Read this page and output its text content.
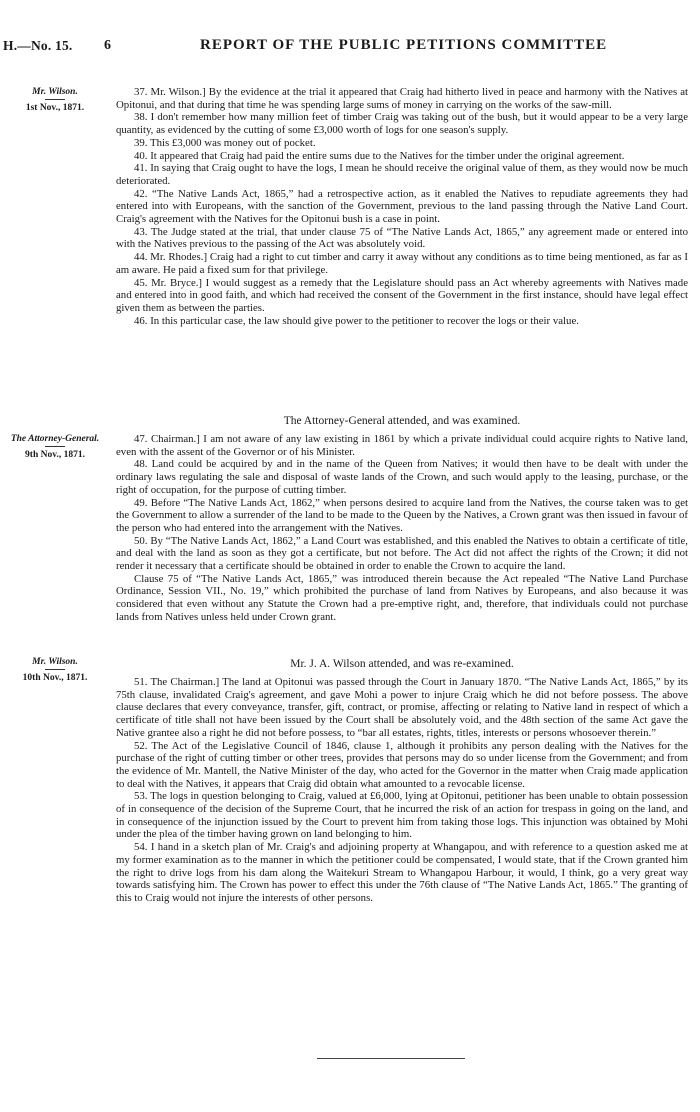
H.—No. 15. 6	REPORT OF THE PUBLIC PETITIONS COMMITTEE
Mr. Wilson.
1st Nov., 1871.
The Attorney-General.
9th Nov., 1871.
Mr. Wilson.
10th Nov., 1871.

37. Mr. Wilson.] By the evidence at the trial it appeared that Craig had hitherto lived in peace and harmony with the Natives at Opitonui, and that during that time he was spending large sums of money in carrying on the works of the saw-mill.

38. I don't remember how many million feet of timber Craig was taking out of the bush, but it would appear to be a very large quantity, as evidenced by the cutting of some £3,000 worth of logs for one season's supply.

39. This £3,000 was money out of pocket.

40. It appeared that Craig had paid the entire sums due to the Natives for the timber under the original agreement.

41. In saying that Craig ought to have the logs, I mean he should receive the original value of them, as they would now be much deteriorated.

42. “The Native Lands Act, 1865,” had a retrospective action, as it enabled the Natives to repudiate agreements they had entered into with Europeans, with the sanction of the Government, previous to the land passing through the Native Land Court. Craig's agreement with the Natives for the Opitonui bush is a case in point.

43. The Judge stated at the trial, that under clause 75 of “The Native Lands Act, 1865,” any agreement made or entered into with the Natives previous to the passing of the Act was absolutely void.

44. Mr. Rhodes.] Craig had a right to cut timber and carry it away without any conditions as to time being mentioned, as far as I am aware. He paid a fixed sum for that privilege.

45. Mr. Bryce.] I would suggest as a remedy that the Legislature should pass an Act whereby agreements with Natives made and entered into in good faith, and which had received the consent of the Government in the first instance, should have legal effect given them as between the parties.

46. In this particular case, the law should give power to the petitioner to recover the logs or their value.

The Attorney-General attended, and was examined.

47. Chairman.] I am not aware of any law existing in 1861 by which a private individual could acquire rights to Native land, even with the assent of the Governor or of his Minister.

48. Land could be acquired by and in the name of the Queen from Natives; it would then have to be dealt with under the ordinary laws regulating the sale and disposal of waste lands of the Crown, and such would apply to the leasing, purchase, or the right of occupation, for the purpose of cutting timber.

49. Before “The Native Lands Act, 1862,” when persons desired to acquire land from the Natives, the course taken was to get the Government to allow a surrender of the land to be made to the Queen by the Natives, a Crown grant was then issued in favour of the person who had entered into the arrangement with the Natives.

50. By “The Native Lands Act, 1862,” a Land Court was established, and this enabled the Natives to obtain a certificate of title, and deal with the land as soon as they got a certificate, but not before. The Act did not affect the rights of the Crown; it did not render it necessary that a certificate should be obtained in order to enable the Crown to acquire the land.

Clause 75 of “The Native Lands Act, 1865,” was introduced therein because the Act repealed “The Native Land Purchase Ordinance, Session VII., No. 19,” which prohibited the purchase of land from Natives by Europeans, and also because it was considered that even without any Statute the Crown had a pre-emptive right, and, therefore, that individuals could not purchase lands from Natives unless held under Crown grant.

Mr. J. A. Wilson attended, and was re-examined.

51. The Chairman.] The land at Opitonui was passed through the Court in January 1870. “The Native Lands Act, 1865,” by its 75th clause, invalidated Craig's agreement, and gave Mohi a power to injure Craig which he did not before possess. The above clause declares that every conveyance, transfer, gift, contract, or promise, affecting or relating to Native land in respect of which a certificate of title shall not have been issued by the Court shall be absolutely void, and the 48th section of the same Act gave the Native grantee also a right he did not before possess, to “bar all estates, rights, titles, interests or persons whosoever therein.”

52. The Act of the Legislative Council of 1846, clause 1, although it prohibits any person dealing with the Natives for the purchase of the right of cutting timber or other trees, provides that persons may do so under license from the Government; and from the evidence of Mr. Mantell, the Native Minister of the day, who acted for the Governor in the matter when Craig made application to deal with the Natives, it appears that Craig did obtain what amounted to a revocable license.

53. The logs in question belonging to Craig, valued at £6,000, lying at Opitonui, petitioner has been unable to obtain possession of in consequence of the decision of the Supreme Court, that he incurred the risk of an action for trespass in going on the land, and in consequence of the injunction issued by the Court to prevent him from taking those logs. This injunction was obtained by Mohi under the plea of the timber having grown on land belonging to him.

54. I hand in a sketch plan of Mr. Craig's and adjoining property at Whangapou, and with reference to a question asked me at my former examination as to the manner in which the petitioner could be compensated, I would state, that if the Crown granted him the right to drive logs from his dam along the Waitekuri Stream to Whangapou Harbour, it would, I think, go a very great way towards satisfying him. The Crown has power to effect this under the 76th clause of “The Native Lands Act, 1865.” The granting of this to Craig would not injure the interests of other persons.
